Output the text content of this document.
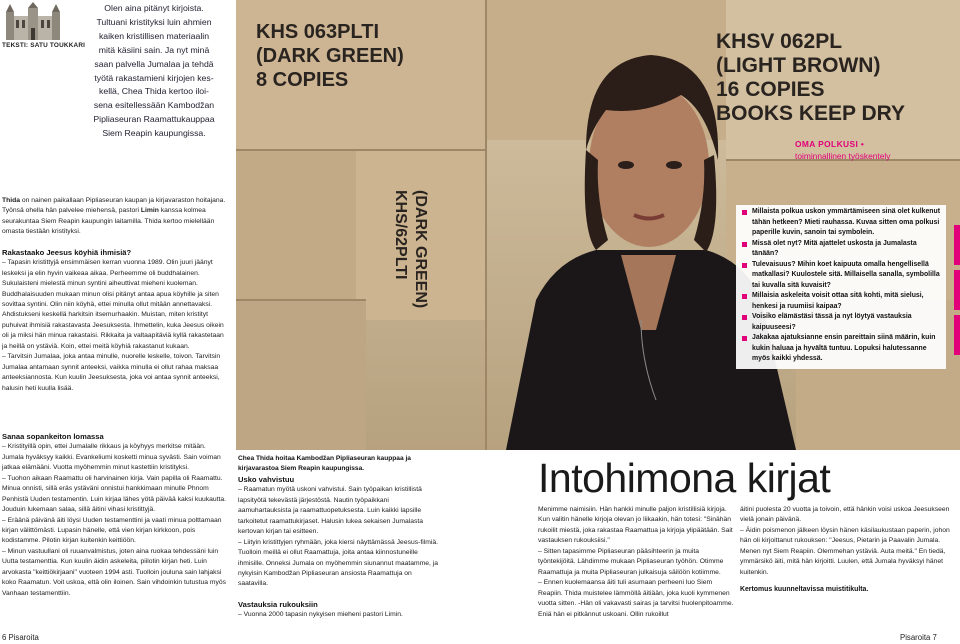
TEKSTI: SATU TOUKKARI
Olen aina pitänyt kirjoista.
Tultuani kristityksi luin ahmien
kaiken kristillisen materiaalin
mitä käsiini sain. Ja nyt minä
saan palvella Jumalaa ja tehdä
työtä rakastamieni kirjojen kes-
kellä, Chea Thida kertoo iloi-
sena esitellessään Kambodžan
Pipliaseuran Raamattukauppaa
Siem Reapin kaupungissa.
KHS 063PLTI
(DARK GREEN)
8 COPIES
KHSV 062PL
(LIGHT BROWN)
16 COPIES
BOOKS KEEP DRY
KHS/62PLTI (DARK GREEN)
OMA POLKUSI •
toiminnallinen työskentely
Millaista polkua uskon ymmärtämiseen sinä olet kulkenut tähän hetkeen? Mieti rauhassa. Kuvaa sitten oma polkusi paperille kuvin, sanoin tai symbolein.
Missä olet nyt? Mitä ajattelet uskosta ja Jumalasta tänään?
Tulevaisuus? Mihin koet kaipuuta omalla hengellisellä matkallasi? Kuulostele sitä. Millaisella sanalla, symbolilla tai kuvalla sitä kuvaisit?
Millaisia askeleita voisit ottaa sitä kohti, mitä sielusi, henkesi ja ruumiisi kaipaa?
Voisiko elämästäsi tässä ja nyt löytyä vastauksia kaipuuseesi?
Jakakaa ajatuksianne ensin pareittain siinä määrin, kuin kukin haluaa ja hyvältä tuntuu. Lopuksi halutessanne myös kaikki yhdessä.

Thida on nainen paikallaan Pipliaseuran kaupan ja kirjavaraston hoitajana. Työnsä ohella hän palvelee miehensä, pastori Limin kanssa kolmea seurakuntaa Siem Reapin kaupungin laitamilla. Thida kertoo mielellään omasta tiestään kristityksi.

Rakastaako Jeesus köyhiä ihmisiä?

– Tapasin kristittyjä ensimmäisen kerran vuonna 1989. Olin juuri jäänyt leskeksi ja elin hyvin vaikeaa aikaa. Perheemme oli buddhalainen. Sukulaisteni mielestä minun syntini aiheuttivat mieheni kuoleman. Buddhalaisuuden mukaan minun olisi pitänyt antaa apua köyhille ja siten sovittaa syntini. Olin niin köyhä, ettei minulla ollut mitään annettavaksi. Ahdistukseni keskellä harkitsin itsemurhaakin. Muistan, miten kristityt puhuivat ihmisiä rakastavasta Jeesuksesta. Ihmettelin, kuka Jeesus oikein oli ja miksi hän minua rakastaisi. Rikkaita ja valtaapitäviä kyllä rakastetaan ja heillä on ystäviä. Koin, ettei meitä köyhiä rakastanut kukaan.

– Tarvitsin Jumalaa, joka antaa minulle, nuorelle leskelle, toivon. Tarvitsin Jumalaa antamaan synnit anteeksi, vaikka minulla ei ollut rahaa maksaa anteeksiannosta. Kun kuulin Jeesuksesta, joka voi antaa synnit anteeksi, halusin heti kuulla lisää.

Sanaa sopankeiton lomassa

– Kristityillä opin, ettei Jumalalle rikkaus ja köyhyys merkitse mitään. Jumala hyväksyy kaikki. Evankeliumi kosketti minua syvästi. Sain voiman jatkaa elämääni. Vuotta myöhemmin minut kastettiin kristityksi.

– Tuohon aikaan Raamattu oli harvinainen kirja. Vain papilla oli Raamattu. Minua onnisti, sillä eräs ystäväni onnistui hankkimaan minulle Phnom Penhistä Uuden testamentin. Luin kirjaa lähes yötä päivää kaksi kuukautta. Jouduin lukemaan salaa, sillä äitini vihasi kristittyjä.

– Eräänä päivänä äiti löysi Uuden testamenttini ja vaati minua polttamaan kirjan välittömästi. Lupasin hänelle, että vien kirjan kirkkoon, pois kodistamme. Pilotin kirjan kuitenkin keittiöön.

– Minun vastuullani oli ruuanvalmistus, joten aina ruokaa tehdessäni luin Uutta testamenttia. Kun kuulin äidin askeleita, piilotin kirjan heti. Luin arvokasta "keittiökirjaani" vuoteen 1994 asti. Tuolloin jouluna sain lahjaksi koko Raamatun. Voit uskoa, että olin iloinen. Sain vihdoinkin tutustua myös Vanhaan testamenttiin.

Chea Thida hoitaa Kambodžan Pipliaseuran kauppaa ja kirjavarastoa Siem Reapin kaupungissa.
Usko vahvistuu

– Raamatun myötä uskoni vahvistui. Sain työpaikan kristillistä lapsityötä tekevästä järjestöstä. Nautin työpaikkani aamuhartauksista ja raamattuopetuksesta. Luin kaikki lapsille tarkoitetut raamattukirjaset. Halusin lukea sekaisen Jumalasta kertovan kirjan tai esitteen.

– Liityin kristittyjen ryhmään, joka kiersi näyttämässä Jeesus-filmiä. Tuolloin meillä ei ollut Raamattuja, joita antaa kiinnostuneille ihmisille. Onneksi Jumala on myöhemmin siunannut maatamme, ja nykyisin Kambodžan Pipliaseuran ansiosta Raamattuja on saatavilla.

Vastauksia rukouksiin

– Vuonna 2000 tapasin nykyisen mieheni pastori Limin.

Intohimona kirjat

Menimme naimisiin. Hän hankki minulle paljon kristillisiä kirjoja. Kun valitin hänelle kirjoja olevan jo liikaakin, hän totesi: "Sinähän rukoilit miestä, joka rakastaa Raamattua ja kirjoja ylipäätään. Sait vastauksen rukouksiisi."

– Sitten tapasimme Pipliaseuran pääsihteerin ja muita työntekijöitä. Lähdimme mukaan Pipliaseuran työhön. Otimme Raamattuja ja muita Pipliaseuran julkaisuja säilöön kotiimme.

– Ennen kuolemaansa äiti tuli asumaan perheeni luo Siem Reapiin. Thida muistelee lämmöllä äitiään, joka kuoli kymmenen vuotta sitten. -Hän oli vakavasti sairas ja tarvitsi huolenpitoamme. Eniä hän ei pitkännut uskoani. Ollin rukoillut

äitini puolesta 20 vuotta ja toivoin, että hänkin voisi uskoa Jeesukseen vielä jonain päivänä.

– Äidin poismenon jälkeen löysin hänen käsilaukustaan paperin, johon hän oli kirjoittanut rukouksen: "Jeesus, Pietarin ja Paavalin Jumala. Menen nyt Siem Reapiin. Olemmehan ystäviä. Auta meitä." En tiedä, ymmärsikö äiti, mitä hän kirjoitti. Luulen, että Jumala hyväksyi hänet kuitenkin.

Kertomus kuunneltavissa muistitikulta.
6 Pisaroita	Pisaroita 7
